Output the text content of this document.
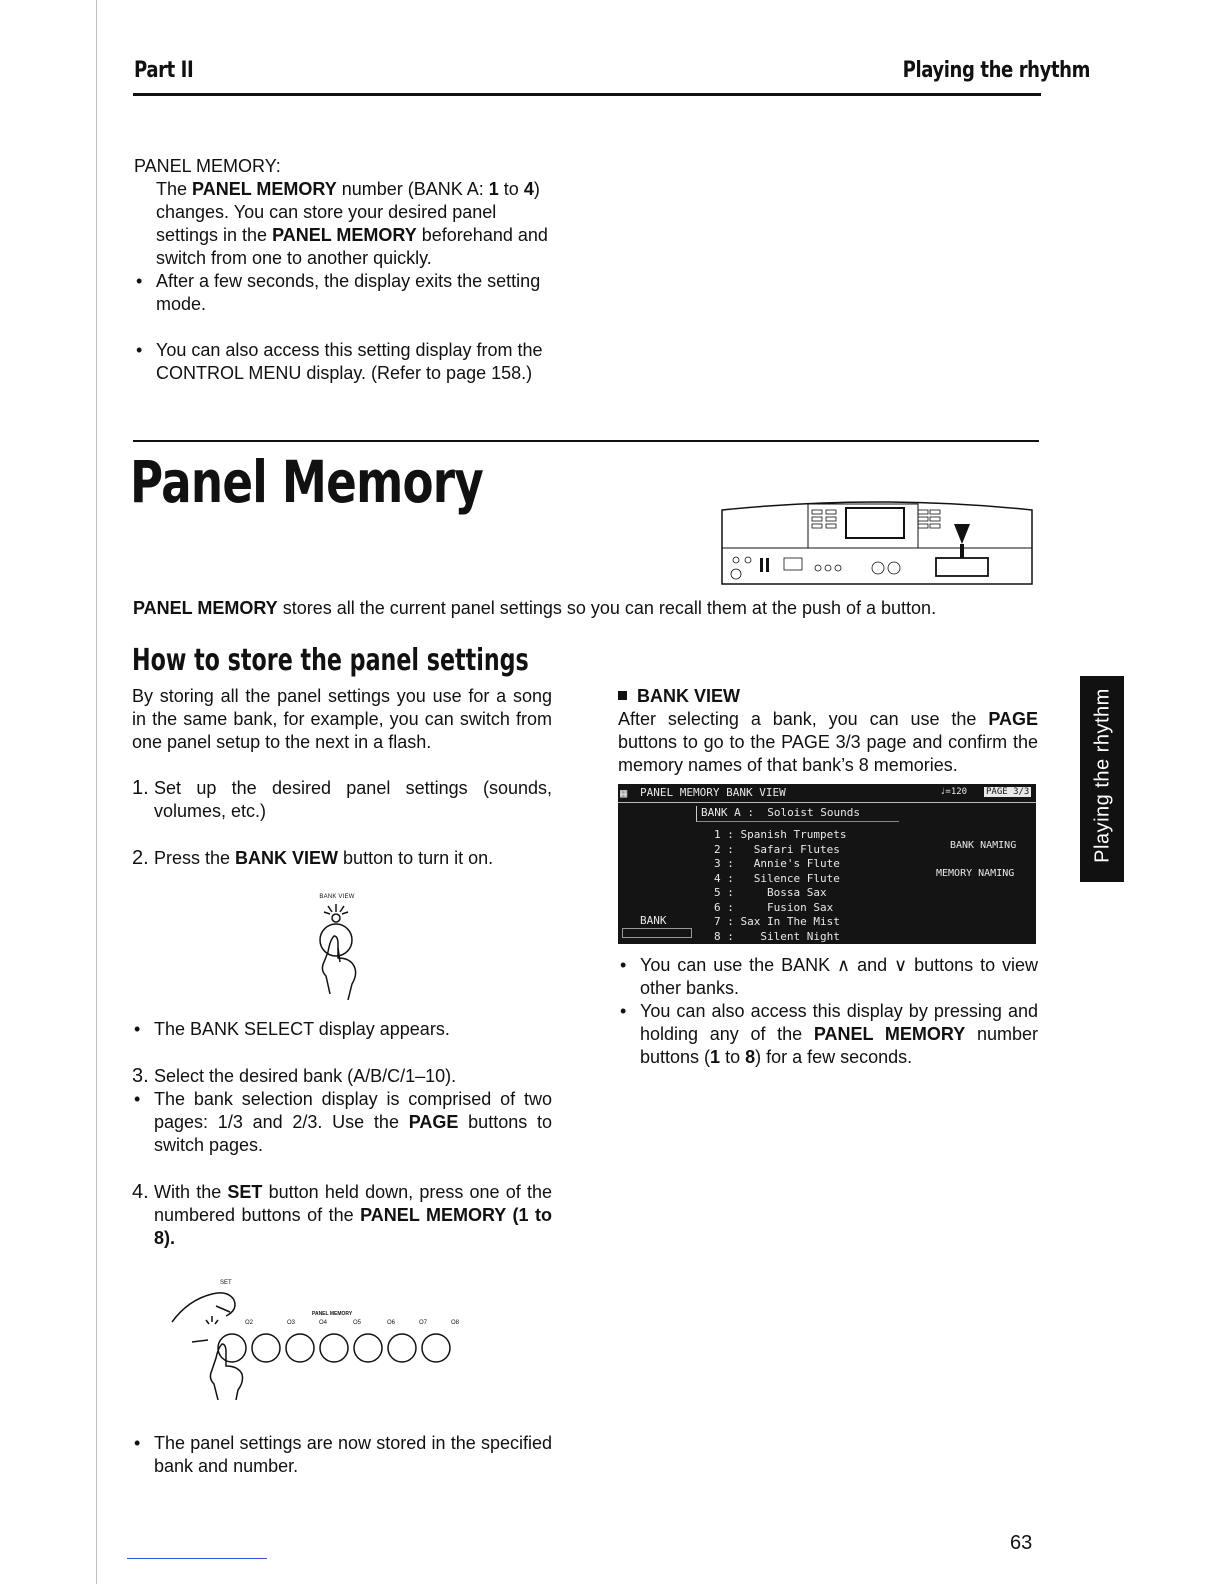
Part II	Playing the rhythm

PANEL MEMORY:

The PANEL MEMORY number (BANK A: 1 to 4) changes. You can store your desired panel settings in the PANEL MEMORY beforehand and switch from one to another quickly.

• After a few seconds, the display exits the setting mode.

• You can also access this setting display from the CONTROL MENU display. (Refer to page 158.)

Panel Memory

PANEL MEMORY stores all the current panel settings so you can recall them at the push of a button.

How to store the panel settings

By storing all the panel settings you use for a song in the same bank, for example, you can switch from one panel setup to the next in a flash.

1. Set up the desired panel settings (sounds, volumes, etc.)
2. Press the BANK VIEW button to turn it on.
BANK VIEW

• The BANK SELECT display appears.

3. Select the desired bank (A/B/C/1–10).

• The bank selection display is comprised of two pages: 1/3 and 2/3. Use the PAGE buttons to switch pages.

4. With the SET button held down, press one of the numbered buttons of the PANEL MEMORY (1 to 8).
SET
PANEL MEMORY
O2	O3	O4	O5	O6	O7	O8

• The panel settings are now stored in the specified bank and number.

BANK VIEW

After selecting a bank, you can use the PAGE buttons to go to the PAGE 3/3 page and confirm the memory names of that bank’s 8 memories.

▦ PANEL MEMORY BANK VIEW	♩=120 PAGE 3/3
BANK A :  Soloist Sounds
1 : Spanish Trumpets
2 :   Safari Flutes
3 :   Annie's Flute
4 :   Silence Flute
5 :     Bossa Sax
6 :     Fusion Sax
7 : Sax In The Mist
8 :    Silent Night
BANK
BANK NAMING
MEMORY NAMING

• You can use the BANK ∧ and ∨ buttons to view other banks.

• You can also access this display by pressing and holding any of the PANEL MEMORY number buttons (1 to 8) for a few seconds.

Playing the rhythm
63
